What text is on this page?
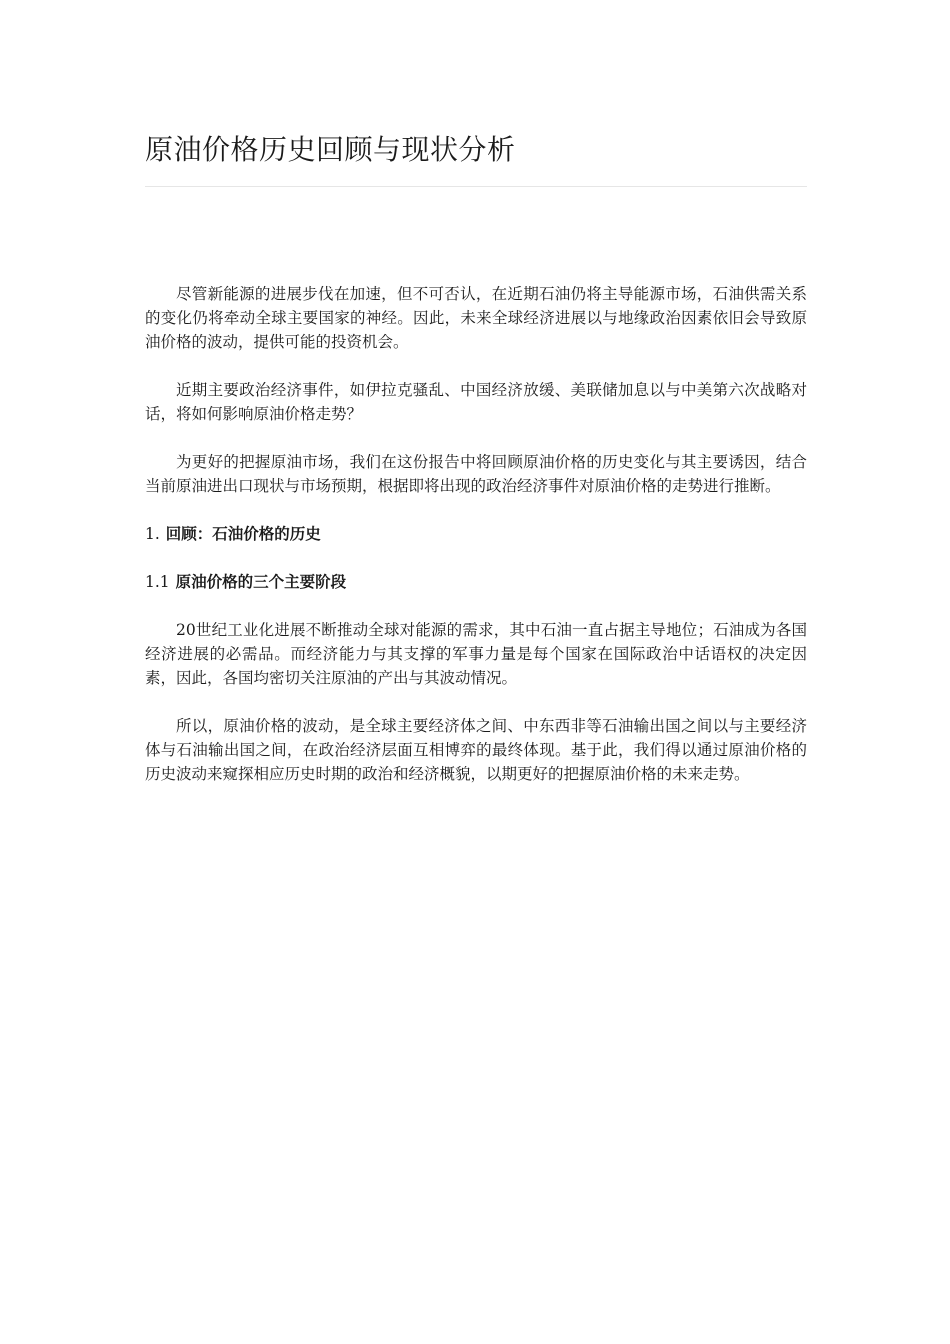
原油价格历史回顾与现状分析

尽管新能源的进展步伐在加速，但不可否认，在近期石油仍将主导能源市场，石油供需关系的变化仍将牵动全球主要国家的神经。因此，未来全球经济进展以与地缘政治因素依旧会导致原油价格的波动，提供可能的投资机会。

近期主要政治经济事件，如伊拉克骚乱、中国经济放缓、美联储加息以与中美第六次战略对话，将如何影响原油价格走势？

为更好的把握原油市场，我们在这份报告中将回顾原油价格的历史变化与其主要诱因，结合当前原油进出口现状与市场预期，根据即将出现的政治经济事件对原油价格的走势进行推断。

1. 回顾：石油价格的历史
1.1 原油价格的三个主要阶段

20世纪工业化进展不断推动全球对能源的需求，其中石油一直占据主导地位；石油成为各国经济进展的必需品。而经济能力与其支撑的军事力量是每个国家在国际政治中话语权的决定因素，因此，各国均密切关注原油的产出与其波动情况。

所以，原油价格的波动，是全球主要经济体之间、中东西非等石油输出国之间以与主要经济体与石油输出国之间，在政治经济层面互相博弈的最终体现。基于此，我们得以通过原油价格的历史波动来窥探相应历史时期的政治和经济概貌，以期更好的把握原油价格的未来走势。
